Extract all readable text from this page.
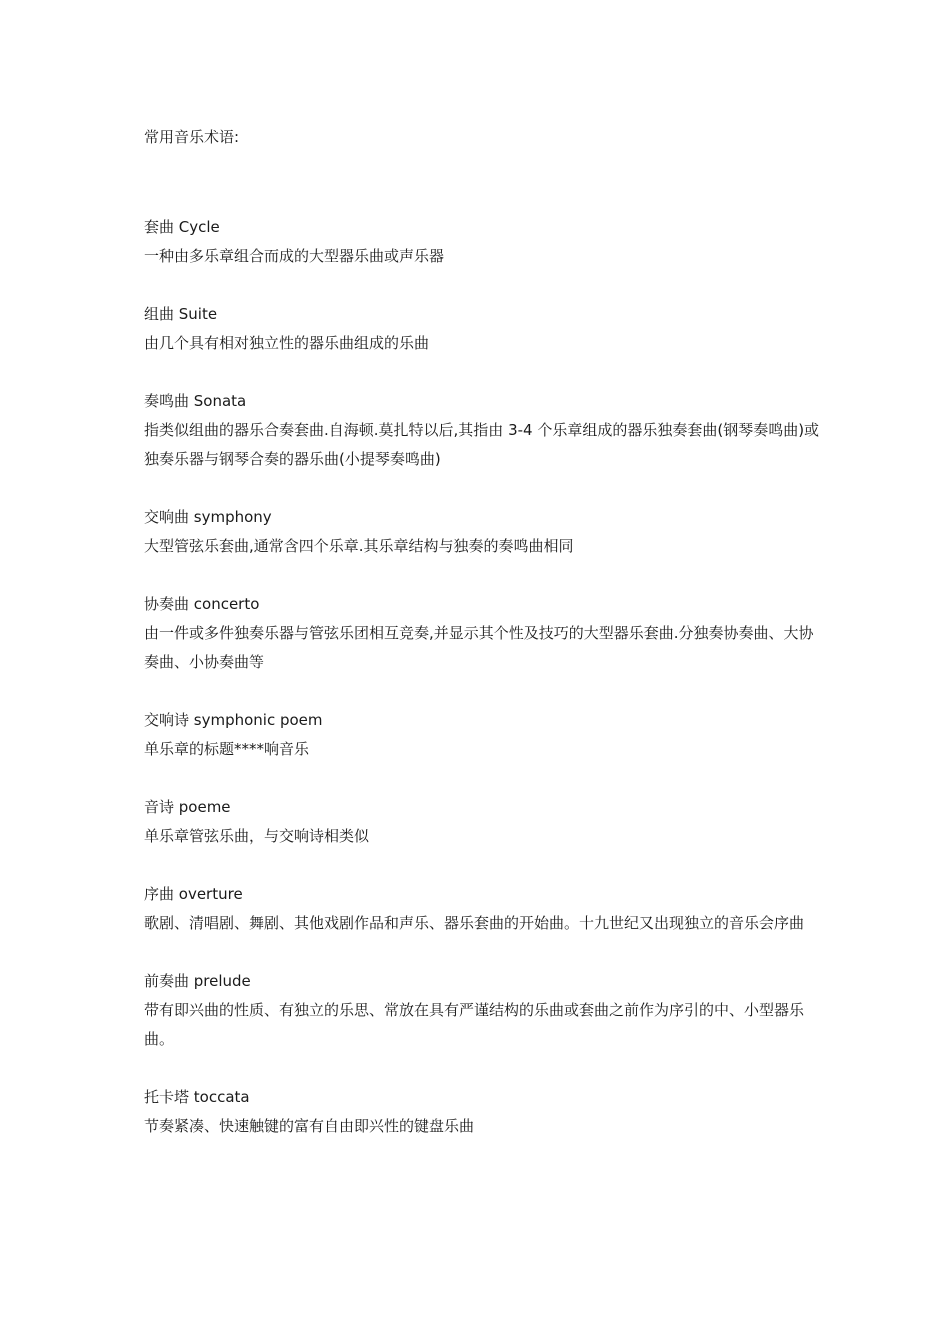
常用音乐术语:
套曲 Cycle
一种由多乐章组合而成的大型器乐曲或声乐器
组曲 Suite
由几个具有相对独立性的器乐曲组成的乐曲
奏鸣曲 Sonata
指类似组曲的器乐合奏套曲.自海顿.莫扎特以后,其指由 3-4 个乐章组成的器乐独奏套曲(钢琴奏鸣曲)或独奏乐器与钢琴合奏的器乐曲(小提琴奏鸣曲)
交响曲 symphony
大型管弦乐套曲,通常含四个乐章.其乐章结构与独奏的奏鸣曲相同
协奏曲 concerto
由一件或多件独奏乐器与管弦乐团相互竞奏,并显示其个性及技巧的大型器乐套曲.分独奏协奏曲、大协奏曲、小协奏曲等
交响诗 symphonic poem
单乐章的标题****响音乐
音诗 poeme
单乐章管弦乐曲，与交响诗相类似
序曲 overture
歌剧、清唱剧、舞剧、其他戏剧作品和声乐、器乐套曲的开始曲。十九世纪又出现独立的音乐会序曲
前奏曲 prelude
带有即兴曲的性质、有独立的乐思、常放在具有严谨结构的乐曲或套曲之前作为序引的中、小型器乐曲。
托卡塔 toccata
节奏紧凑、快速触键的富有自由即兴性的键盘乐曲
